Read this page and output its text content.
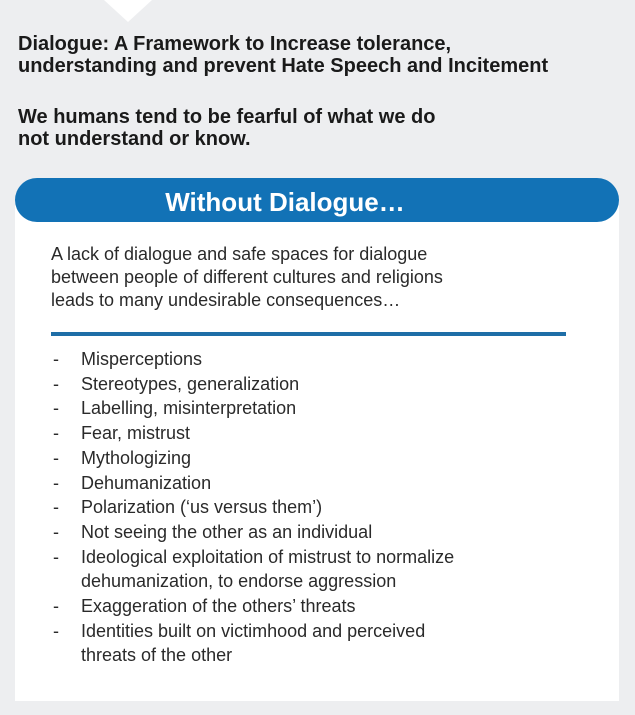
Dialogue: A Framework to Increase tolerance,
understanding and prevent Hate Speech and Incitement
We humans tend to be fearful of what we do
not understand or know.
Without Dialogue…
A lack of dialogue and safe spaces for dialogue
between people of different cultures and religions
leads to many undesirable consequences…
- Misperceptions
- Stereotypes, generalization
- Labelling, misinterpretation
- Fear, mistrust
- Mythologizing
- Dehumanization
- Polarization (‘us versus them’)
- Not seeing the other as an individual
- Ideological exploitation of mistrust to normalize
dehumanization, to endorse aggression
- Exaggeration of the others’ threats
- Identities built on victimhood and perceived
threats of the other
